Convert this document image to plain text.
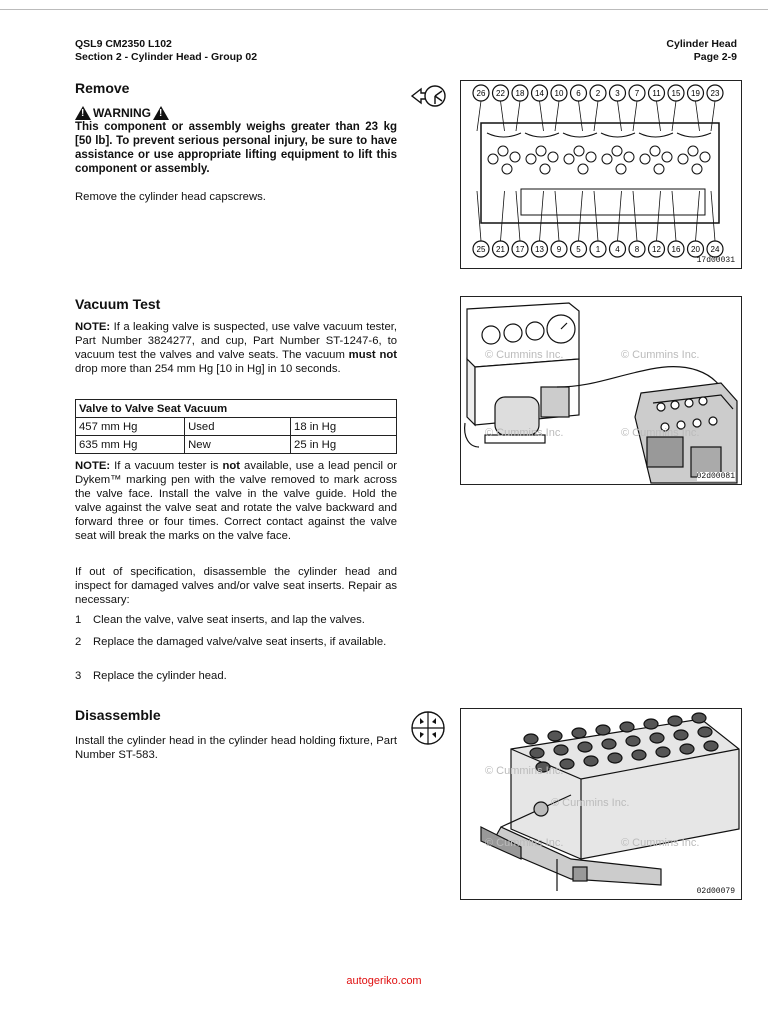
QSL9 CM2350 L102
Section 2 - Cylinder Head - Group 02
Cylinder Head
Page 2-9
Remove
! WARNING !
This component or assembly weighs greater than 23 kg [50 lb]. To prevent serious personal injury, be sure to have assistance or use appropriate lifting equipment to lift this component or assembly.
Remove the cylinder head capscrews.
26 22 18 14 10 6 2 3 7 11 15 19 23
25 21 17 13 9 5 1 4 8 12 16 20 24
17d00031
Vacuum Test
NOTE: If a leaking valve is suspected, use valve vacuum tester, Part Number 3824277, and cup, Part Number ST-1247-6, to vacuum test the valves and valve seats. The vacuum must not drop more than 254 mm Hg [10 in Hg] in 10 seconds.
Valve to Valve Seat Vacuum		
457 mm Hg	Used	18 in Hg
635 mm Hg	New	25 in Hg
NOTE: If a vacuum tester is not available, use a lead pencil or Dykem™ marking pen with the valve removed to mark across the valve face. Install the valve in the valve guide. Hold the valve against the valve seat and rotate the valve backward and forward three or four times. Correct contact against the valve seat will break the marks on the valve face.
If out of specification, disassemble the cylinder head and inspect for damaged valves and/or valve seat inserts. Repair as necessary:
1 Clean the valve, valve seat inserts, and lap the valves.
2 Replace the damaged valve/valve seat inserts, if available.
3 Replace the cylinder head.
© Cummins Inc.	© Cummins Inc.
© Cummins Inc.	© Cummins Inc.
02d00081
Disassemble
Install the cylinder head in the cylinder head holding fixture, Part Number ST-583.
© Cummins Inc.
© Cummins Inc.
© Cummins Inc.	© Cummins Inc.
02d00079
autogeriko.com
